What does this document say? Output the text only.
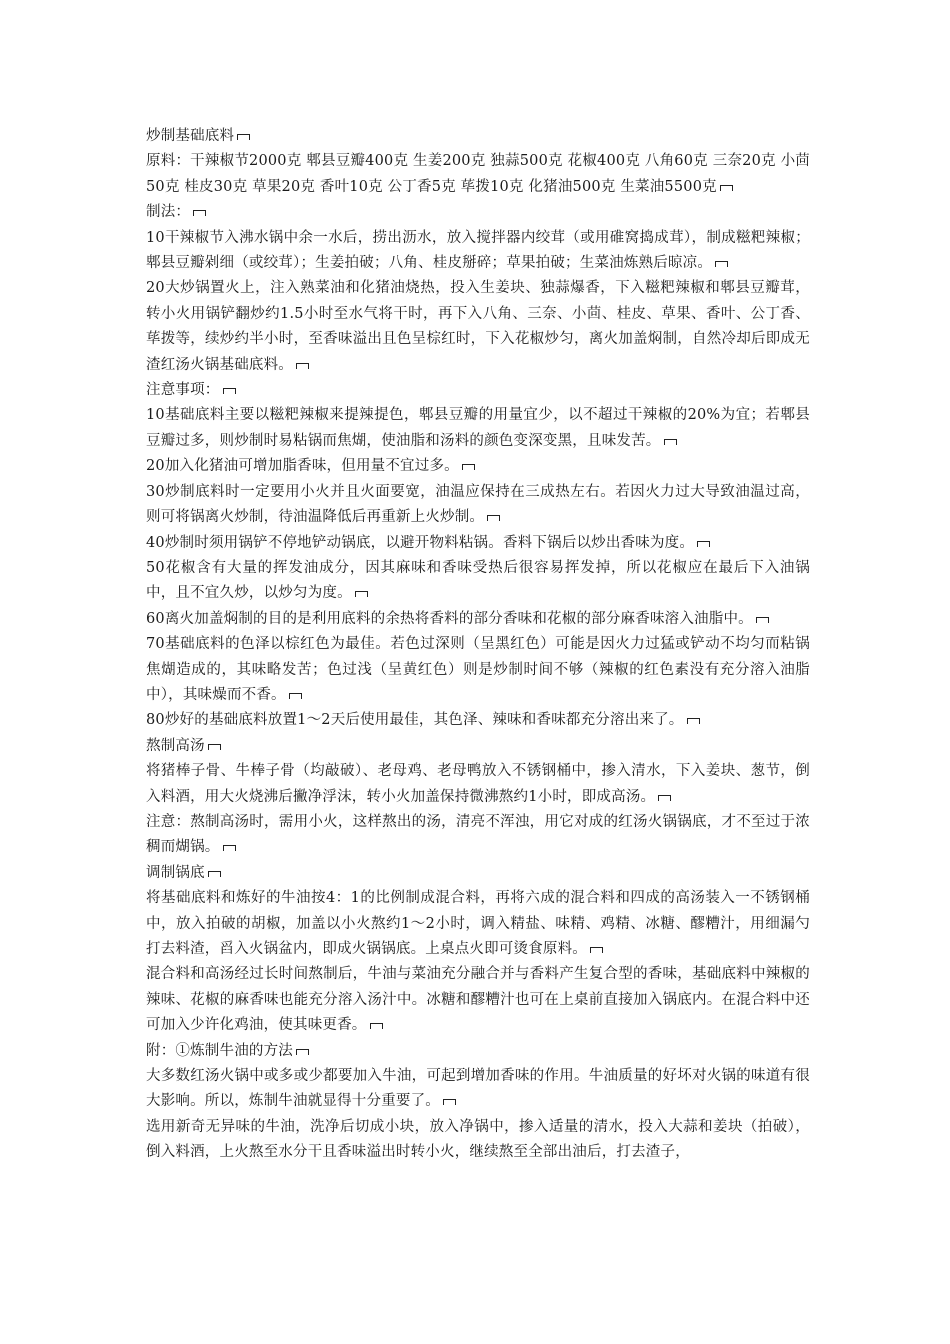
炒制基础底料

原料：干辣椒节2000克 郫县豆瓣400克 生姜200克 独蒜500克 花椒400克 八角60克 三奈20克 小茴50克 桂皮30克 草果20克 香叶10克 公丁香5克 荜拨10克 化猪油500克 生菜油5500克

制法：

10干辣椒节入沸水锅中余一水后，捞出沥水，放入搅拌器内绞茸（或用碓窝捣成茸），制成糍粑辣椒；郫县豆瓣剁细（或绞茸）；生姜拍破；八角、桂皮掰碎；草果拍破；生菜油炼熟后晾凉。

20大炒锅置火上，注入熟菜油和化猪油烧热，投入生姜块、独蒜爆香，下入糍粑辣椒和郫县豆瓣茸，转小火用锅铲翻炒约1.5小时至水气将干时，再下入八角、三奈、小茴、桂皮、草果、香叶、公丁香、荜拨等，续炒约半小时，至香味溢出且色呈棕红时，下入花椒炒匀，离火加盖焖制，自然冷却后即成无渣红汤火锅基础底料。

注意事项：

10基础底料主要以糍粑辣椒来提辣提色，郫县豆瓣的用量宜少，以不超过干辣椒的20%为宜；若郫县豆瓣过多，则炒制时易粘锅而焦煳，使油脂和汤料的颜色变深变黑，且味发苦。

20加入化猪油可增加脂香味，但用量不宜过多。

30炒制底料时一定要用小火并且火面要宽，油温应保持在三成热左右。若因火力过大导致油温过高，则可将锅离火炒制，待油温降低后再重新上火炒制。

40炒制时须用锅铲不停地铲动锅底，以避开物料粘锅。香料下锅后以炒出香味为度。

50花椒含有大量的挥发油成分，因其麻味和香味受热后很容易挥发掉，所以花椒应在最后下入油锅中，且不宜久炒，以炒匀为度。

60离火加盖焖制的目的是利用底料的余热将香料的部分香味和花椒的部分麻香味溶入油脂中。

70基础底料的色泽以棕红色为最佳。若色过深则（呈黑红色）可能是因火力过猛或铲动不均匀而粘锅焦煳造成的，其味略发苦；色过浅（呈黄红色）则是炒制时间不够（辣椒的红色素没有充分溶入油脂中），其味燥而不香。

80炒好的基础底料放置1～2天后使用最佳，其色泽、辣味和香味都充分溶出来了。

熬制高汤

将猪棒子骨、牛棒子骨（均敲破）、老母鸡、老母鸭放入不锈钢桶中，掺入清水，下入姜块、葱节，倒入料酒，用大火烧沸后撇净浮沫，转小火加盖保持微沸熬约1小时，即成高汤。

注意：熬制高汤时，需用小火，这样熬出的汤，清亮不浑浊，用它对成的红汤火锅锅底，才不至过于浓稠而煳锅。

调制锅底

将基础底料和炼好的牛油按4：1的比例制成混合料，再将六成的混合料和四成的高汤装入一不锈钢桶中，放入拍破的胡椒，加盖以小火熬约1～2小时，调入精盐、味精、鸡精、冰糖、醪糟汁，用细漏勺打去料渣，舀入火锅盆内，即成火锅锅底。上桌点火即可烫食原料。

混合料和高汤经过长时间熬制后，牛油与菜油充分融合并与香料产生复合型的香味，基础底料中辣椒的辣味、花椒的麻香味也能充分溶入汤汁中。冰糖和醪糟汁也可在上桌前直接加入锅底内。在混合料中还可加入少许化鸡油，使其味更香。

附：①炼制牛油的方法

大多数红汤火锅中或多或少都要加入牛油，可起到增加香味的作用。牛油质量的好坏对火锅的味道有很大影响。所以，炼制牛油就显得十分重要了。

选用新奇无异味的牛油，洗净后切成小块，放入净锅中，掺入适量的清水，投入大蒜和姜块（拍破），倒入料酒，上火熬至水分干且香味溢出时转小火，继续熬至全部出油后，打去渣子，
